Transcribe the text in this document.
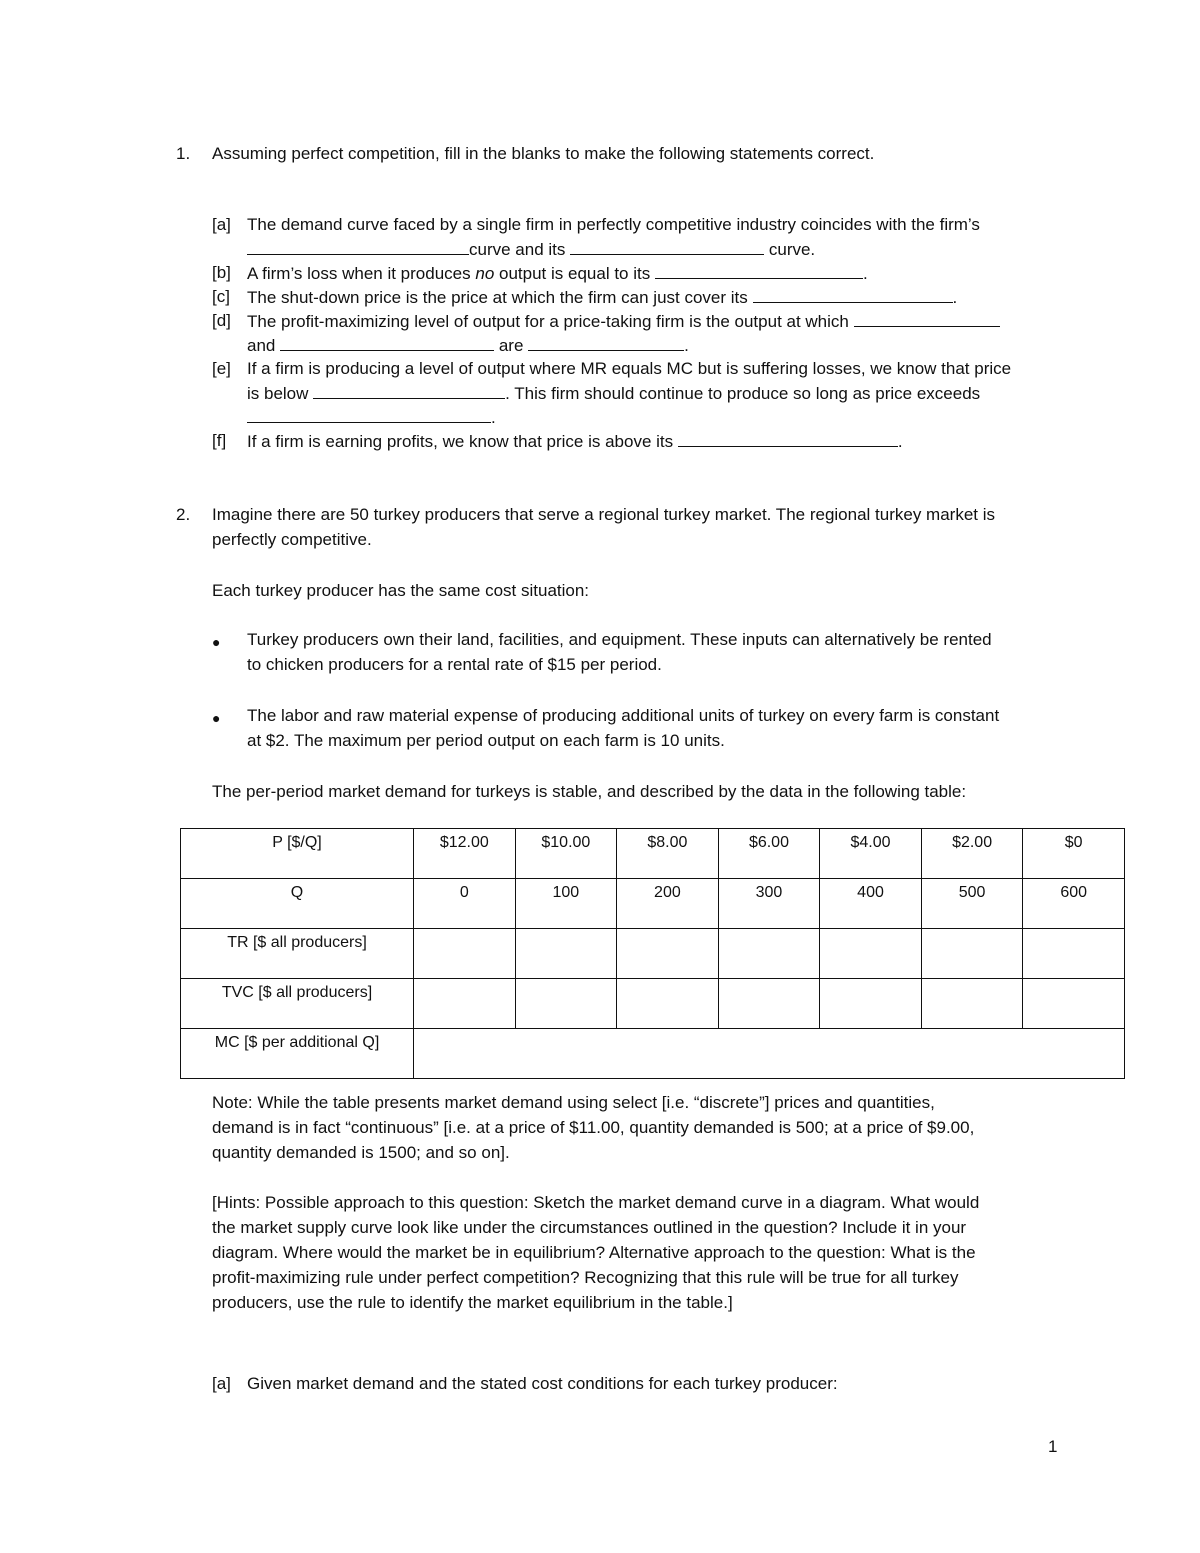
1. Assuming perfect competition, fill in the blanks to make the following statements correct.
[a] The demand curve faced by a single firm in perfectly competitive industry coincides with the firm’s
curve and its	curve.
[b] A firm’s loss when it produces no output is equal to its	.
[c] The shut-down price is the price at which the firm can just cover its	.
[d] The profit-maximizing level of output for a price-taking firm is the output at which
and	are	.
[e] If a firm is producing a level of output where MR equals MC but is suffering losses, we know that price
is below	. This firm should continue to produce so long as price exceeds
.
[f] If a firm is earning profits, we know that price is above its	.
2. Imagine there are 50 turkey producers that serve a regional turkey market. The regional turkey market is
perfectly competitive.
Each turkey producer has the same cost situation:
● Turkey producers own their land, facilities, and equipment. These inputs can alternatively be rented
to chicken producers for a rental rate of $15 per period.
● The labor and raw material expense of producing additional units of turkey on every farm is constant
at $2. The maximum per period output on each farm is 10 units.
The per-period market demand for turkeys is stable, and described by the data in the following table:
P [$/Q]	$12.00	$10.00	$8.00	$6.00	$4.00	$2.00	$0
Q	0	100	200	300	400	500	600
TR [$ all producers]							
TVC [$ all producers]							
MC [$ per additional Q]							
Note: While the table presents market demand using select [i.e. “discrete”] prices and quantities,
demand is in fact “continuous” [i.e. at a price of $11.00, quantity demanded is 500; at a price of $9.00,
quantity demanded is 1500; and so on].
[Hints: Possible approach to this question: Sketch the market demand curve in a diagram. What would
the market supply curve look like under the circumstances outlined in the question? Include it in your
diagram. Where would the market be in equilibrium? Alternative approach to the question: What is the
profit-maximizing rule under perfect competition? Recognizing that this rule will be true for all turkey
producers, use the rule to identify the market equilibrium in the table.]
[a] Given market demand and the stated cost conditions for each turkey producer:
1
